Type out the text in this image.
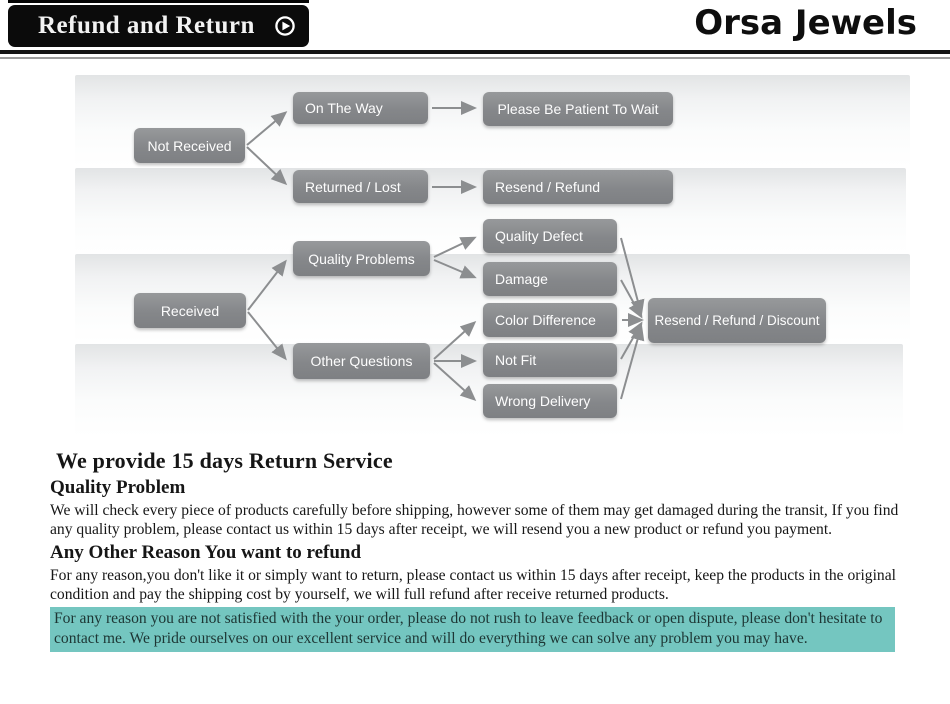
Refund and Return	Orsa Jewels
Not Received
On The Way	Please Be Patient To Wait
Returned / Lost	Resend / Refund
Received
Quality Problems
Other Questions
Quality Defect
Damage
Color Difference
Not Fit
Wrong Delivery
Resend / Refund / Discount
We provide 15 days Return Service
Quality Problem

We will check every piece of products carefully before shipping, however some of them may get damaged during the transit, If you find any quality problem, please contact us within 15 days after receipt, we will resend you a new product or refund you payment.

Any Other Reason You want to refund

For any reason,you don't like it or simply want to return, please contact us within 15 days after receipt, keep the products in the original condition and pay the shipping cost by yourself, we will full refund after receive returned products.

For any reason you are not satisfied with the your order, please do not rush to leave feedback or open dispute, please don't hesitate to contact me. We pride ourselves on our excellent service and will do everything we can solve any problem you may have.
